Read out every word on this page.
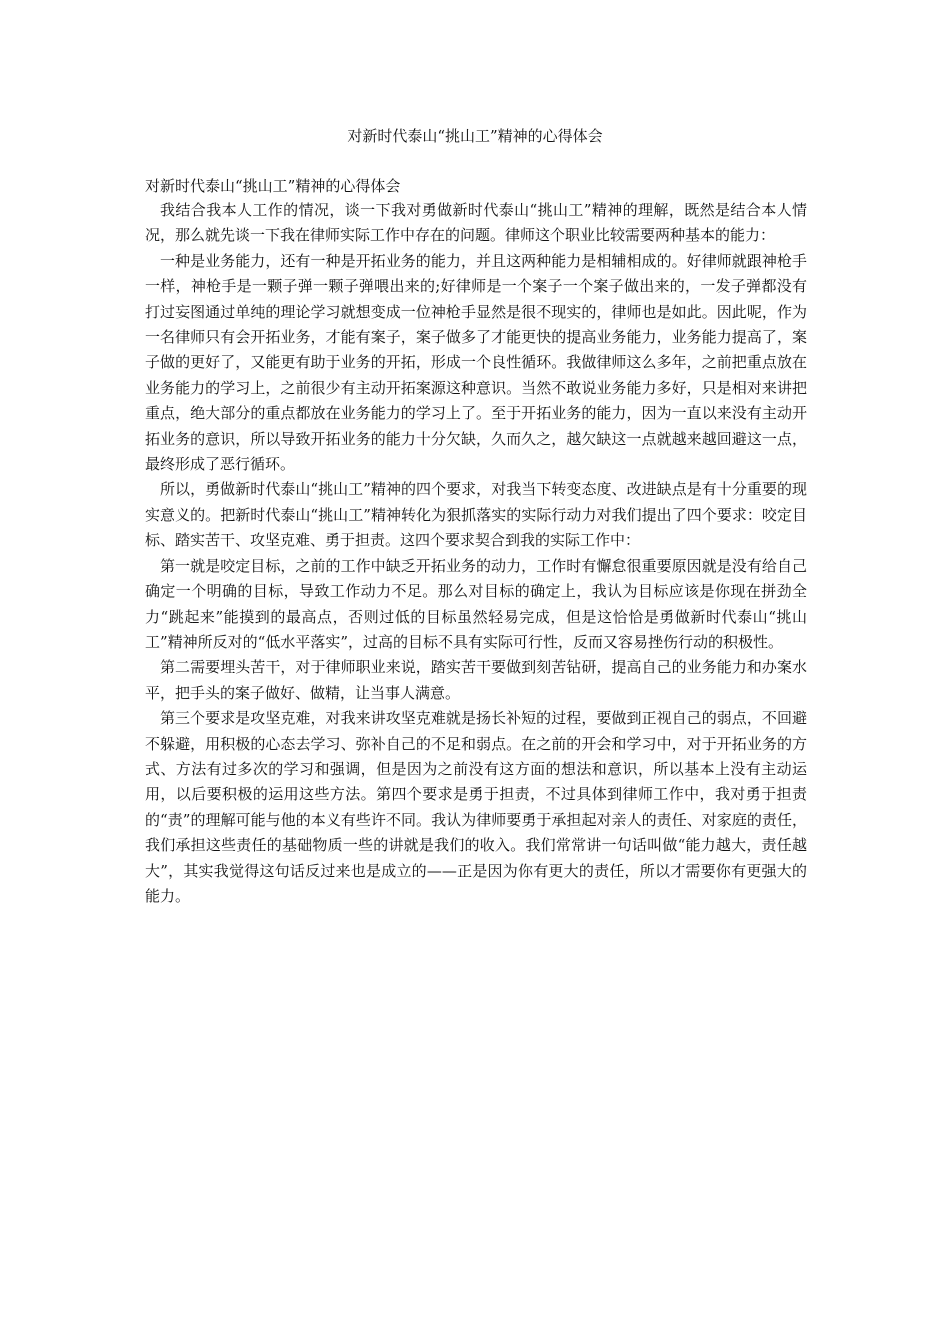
对新时代泰山“挑山工”精神的心得体会

对新时代泰山“挑山工”精神的心得体会

我结合我本人工作的情况，谈一下我对勇做新时代泰山“挑山工”精神的理解，既然是结合本人情况，那么就先谈一下我在律师实际工作中存在的问题。律师这个职业比较需要两种基本的能力：

一种是业务能力，还有一种是开拓业务的能力，并且这两种能力是相辅相成的。好律师就跟神枪手一样，神枪手是一颗子弹一颗子弹喂出来的;好律师是一个案子一个案子做出来的，一发子弹都没有打过妄图通过单纯的理论学习就想变成一位神枪手显然是很不现实的，律师也是如此。因此呢，作为一名律师只有会开拓业务，才能有案子，案子做多了才能更快的提高业务能力，业务能力提高了，案子做的更好了，又能更有助于业务的开拓，形成一个良性循环。我做律师这么多年，之前把重点放在业务能力的学习上，之前很少有主动开拓案源这种意识。当然不敢说业务能力多好，只是相对来讲把重点，绝大部分的重点都放在业务能力的学习上了。至于开拓业务的能力，因为一直以来没有主动开拓业务的意识，所以导致开拓业务的能力十分欠缺，久而久之，越欠缺这一点就越来越回避这一点，最终形成了恶行循环。

所以，勇做新时代泰山“挑山工”精神的四个要求，对我当下转变态度、改进缺点是有十分重要的现实意义的。把新时代泰山“挑山工”精神转化为狠抓落实的实际行动力对我们提出了四个要求：咬定目标、踏实苦干、攻坚克难、勇于担责。这四个要求契合到我的实际工作中：

第一就是咬定目标，之前的工作中缺乏开拓业务的动力，工作时有懈怠很重要原因就是没有给自己确定一个明确的目标，导致工作动力不足。那么对目标的确定上，我认为目标应该是你现在拼劲全力“跳起来”能摸到的最高点，否则过低的目标虽然轻易完成，但是这恰恰是勇做新时代泰山“挑山工”精神所反对的“低水平落实”，过高的目标不具有实际可行性，反而又容易挫伤行动的积极性。

第二需要埋头苦干，对于律师职业来说，踏实苦干要做到刻苦钻研，提高自己的业务能力和办案水平，把手头的案子做好、做精，让当事人满意。

第三个要求是攻坚克难，对我来讲攻坚克难就是扬长补短的过程，要做到正视自己的弱点，不回避不躲避，用积极的心态去学习、弥补自己的不足和弱点。在之前的开会和学习中，对于开拓业务的方式、方法有过多次的学习和强调，但是因为之前没有这方面的想法和意识，所以基本上没有主动运用，以后要积极的运用这些方法。第四个要求是勇于担责，不过具体到律师工作中，我对勇于担责的“责”的理解可能与他的本义有些许不同。我认为律师要勇于承担起对亲人的责任、对家庭的责任，我们承担这些责任的基础物质一些的讲就是我们的收入。我们常常讲一句话叫做“能力越大，责任越大”，其实我觉得这句话反过来也是成立的——正是因为你有更大的责任，所以才需要你有更强大的能力。
